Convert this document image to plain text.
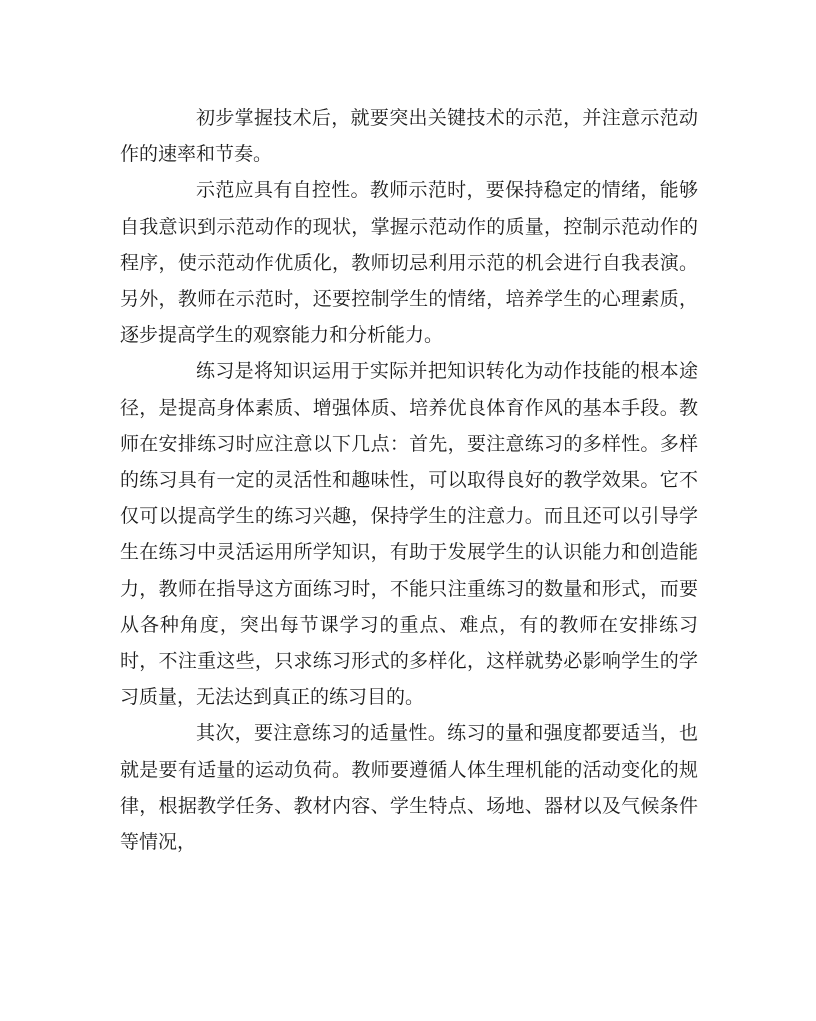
初步掌握技术后，就要突出关键技术的示范，并注意示范动作的速率和节奏。

示范应具有自控性。教师示范时，要保持稳定的情绪，能够自我意识到示范动作的现状，掌握示范动作的质量，控制示范动作的程序，使示范动作优质化，教师切忌利用示范的机会进行自我表演。另外，教师在示范时，还要控制学生的情绪，培养学生的心理素质，逐步提高学生的观察能力和分析能力。

练习是将知识运用于实际并把知识转化为动作技能的根本途径，是提高身体素质、增强体质、培养优良体育作风的基本手段。教师在安排练习时应注意以下几点：首先，要注意练习的多样性。多样的练习具有一定的灵活性和趣味性，可以取得良好的教学效果。它不仅可以提高学生的练习兴趣，保持学生的注意力。而且还可以引导学生在练习中灵活运用所学知识，有助于发展学生的认识能力和创造能力，教师在指导这方面练习时，不能只注重练习的数量和形式，而要从各种角度，突出每节课学习的重点、难点，有的教师在安排练习时，不注重这些，只求练习形式的多样化，这样就势必影响学生的学习质量，无法达到真正的练习目的。

其次，要注意练习的适量性。练习的量和强度都要适当，也就是要有适量的运动负荷。教师要遵循人体生理机能的活动变化的规律，根据教学任务、教材内容、学生特点、场地、器材以及气候条件等情况，
